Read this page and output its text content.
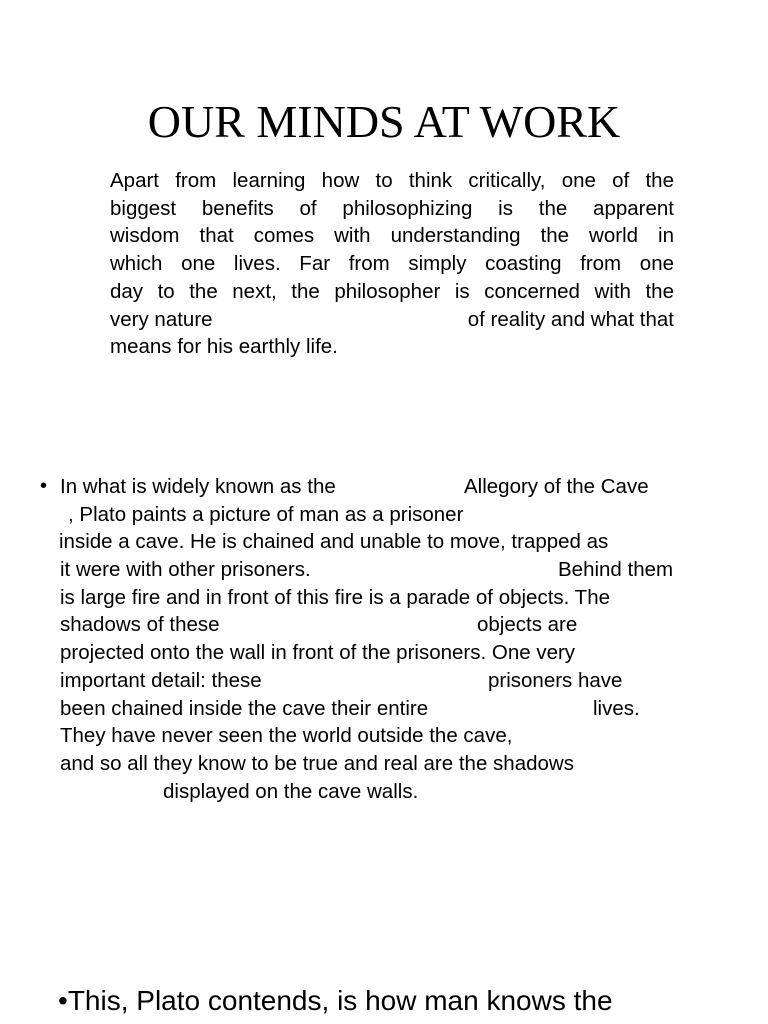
OUR MINDS AT WORK
Apart from learning how to think critically, one of the
biggest benefits of philosophizing is the apparent
wisdom that comes with understanding the world in
which one lives. Far from simply coasting from one
day to the next, the philosopher is concerned with the
very nature	of reality and what that
means for his earthly life.
• In what is widely known as the	Allegory of the Cave
, Plato paints a picture of man as a prisoner
inside a cave. He is chained and unable to move, trapped as
it were with other prisoners.	Behind them
is large fire and in front of this fire is a parade of objects. The
shadows of these	objects are
projected onto the wall in front of the prisoners. One very
important detail: these	prisoners have
been chained inside the cave their entire	lives.
They have never seen the world outside the cave,
and so all they know to be true and real are the shadows
displayed on the cave walls.
•This, Plato contends, is how man knows the
